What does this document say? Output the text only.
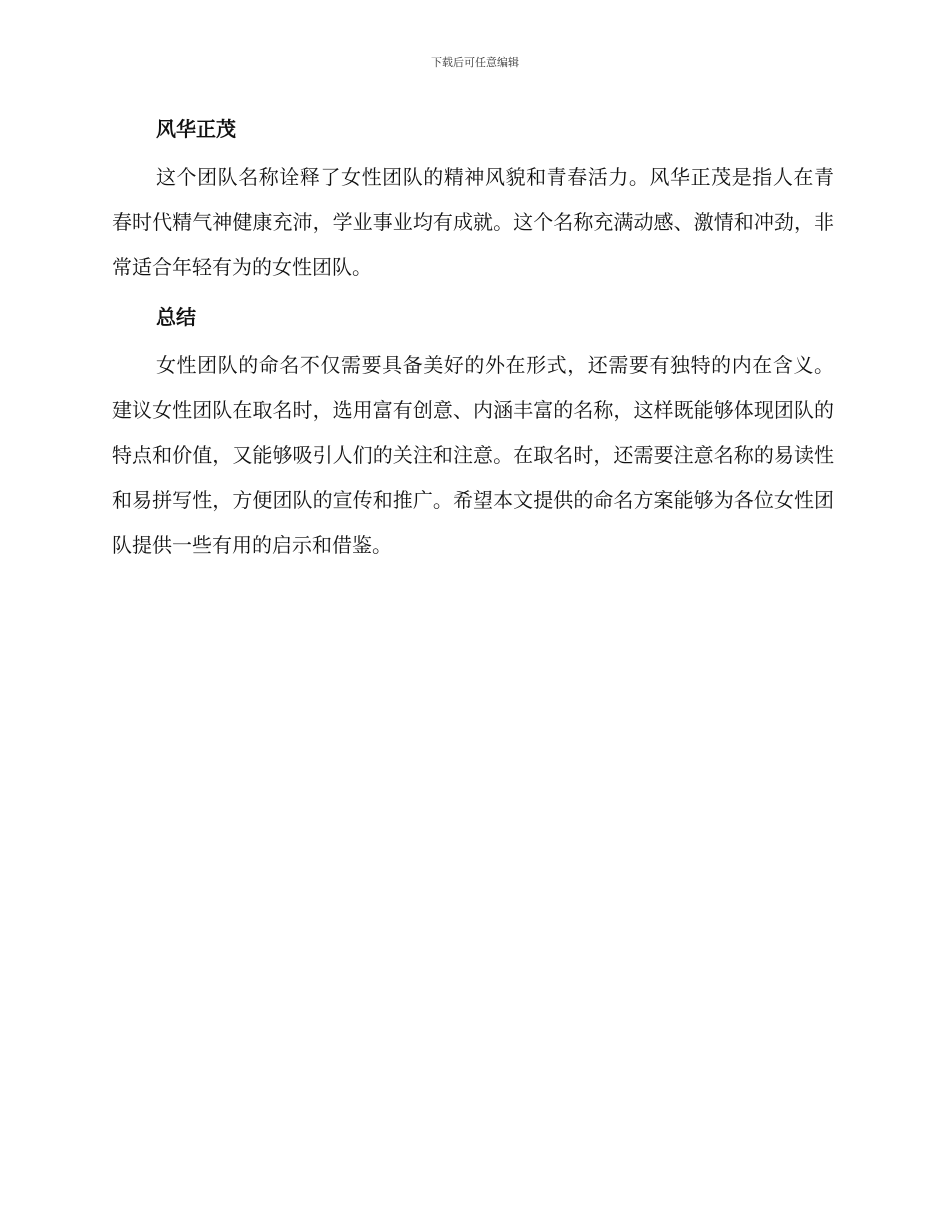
下载后可任意编辑
风华正茂

这个团队名称诠释了女性团队的精神风貌和青春活力。风华正茂是指人在青春时代精气神健康充沛，学业事业均有成就。这个名称充满动感、激情和冲劲，非常适合年轻有为的女性团队。

总结

女性团队的命名不仅需要具备美好的外在形式，还需要有独特的内在含义。建议女性团队在取名时，选用富有创意、内涵丰富的名称，这样既能够体现团队的特点和价值，又能够吸引人们的关注和注意。在取名时，还需要注意名称的易读性和易拼写性，方便团队的宣传和推广。希望本文提供的命名方案能够为各位女性团队提供一些有用的启示和借鉴。
